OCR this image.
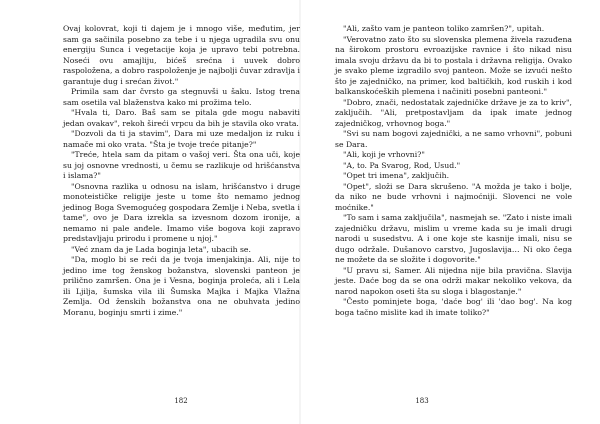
Ovaj kolovrat, koji ti dajem je i mnogo više, međutim, jer sam ga sačinila posebno za tebe i u njega ugradila svu onu energiju Sunca i vegetacije koja je upravo tebi potrebna. Noseći ovu amajliju, bićeš srećna i uuvek dobro raspoložena, a dobro raspoloženje je najbolji čuvar zdravlja i garantuje dug i srećan život."

Primila sam dar čvrsto ga stegnuvši u šaku. Istog trena sam osetila val blaženstva kako mi prožima telo.

"Hvala ti, Daro. Baš sam se pitala gde mogu nabaviti jedan ovakav", rekoh šireći vrpcu da bih je stavila oko vrata.

"Dozvoli da ti ja stavim", Dara mi uze medaljon iz ruku i namače mi oko vrata. "Šta je tvoje treće pitanje?"

"Treće, htela sam da pitam o vašoj veri. Šta ona uči, koje su joj osnovne vrednosti, u čemu se razlikuje od hrišćanstva i islama?"

"Osnovna razlika u odnosu na islam, hrišćanstvo i druge monoteističke religije jeste u tome što nemamo jednog jedinog Boga Svemogućeg gospodara Zemlje i Neba, svetla i tame", ovo je Dara izrekla sa izvesnom dozom ironije, a nemamo ni pale anđele. Imamo više bogova koji zapravo predstavljaju prirodu i promene u njoj."

"Već znam da je Lada boginja leta", ubacih se.

"Da, moglo bi se reći da je tvoja imenjakinja. Ali, nije to jedino ime tog ženskog božanstva, slovenski panteon je prilično zamršen. Ona je i Vesna, boginja proleća, ali i Lela ili Ljilja, šumska vila ili Šumska Majka i Majka Vlažna Zemlja. Od ženskih božanstva ona ne obuhvata jedino Moranu, boginju smrti i zime."

182

"Ali, zašto vam je panteon toliko zamršen?", upitah.

"Verovatno zato što su slovenska plemena živela razuđena na širokom prostoru evroazijske ravnice i što nikad nisu imala svoju državu da bi to postala i državna religija. Ovako je svako pleme izgradilo svoj panteon. Može se izvući nešto što je zajedničko, na primer, kod baltičkih, kod ruskih i kod balkanskoćeških plemena i načiniti posebni panteoni."

"Dobro, znači, nedostatak zajedničke države je za to kriv", zaključih. "Ali, pretpostavljam da ipak imate jednog zajedničkog, vrhovnog boga."

"Svi su nam bogovi zajednički, a ne samo vrhovni", pobuni se Dara.

"Ali, koji je vrhovni?"

"A, to. Pa Svarog, Rod, Usud."

"Opet tri imena", zaključih.

"Opet", složi se Dara skrušeno. "A možda je tako i bolje, da niko ne bude vrhovni i najmoćniji. Slovenci ne vole moćnike."

"To sam i sama zaključila", nasmejah se. "Zato i niste imali zajedničku državu, mislim u vreme kada su je imali drugi narodi u susedstvu. A i one koje ste kasnije imali, nisu se dugo održale. Dušanovo carstvo, Jugoslavija… Ni oko čega ne možete da se složite i dogovorite."

"U pravu si, Samer. Ali nijedna nije bila pravična. Slavija jeste. Daće bog da se ona održi makar nekoliko vekova, da narod napokon oseti šta su sloga i blagostanje."

"Često pominjete boga, 'daće bog' ili 'dao bog'. Na kog boga tačno mislite kad ih imate toliko?"

183
